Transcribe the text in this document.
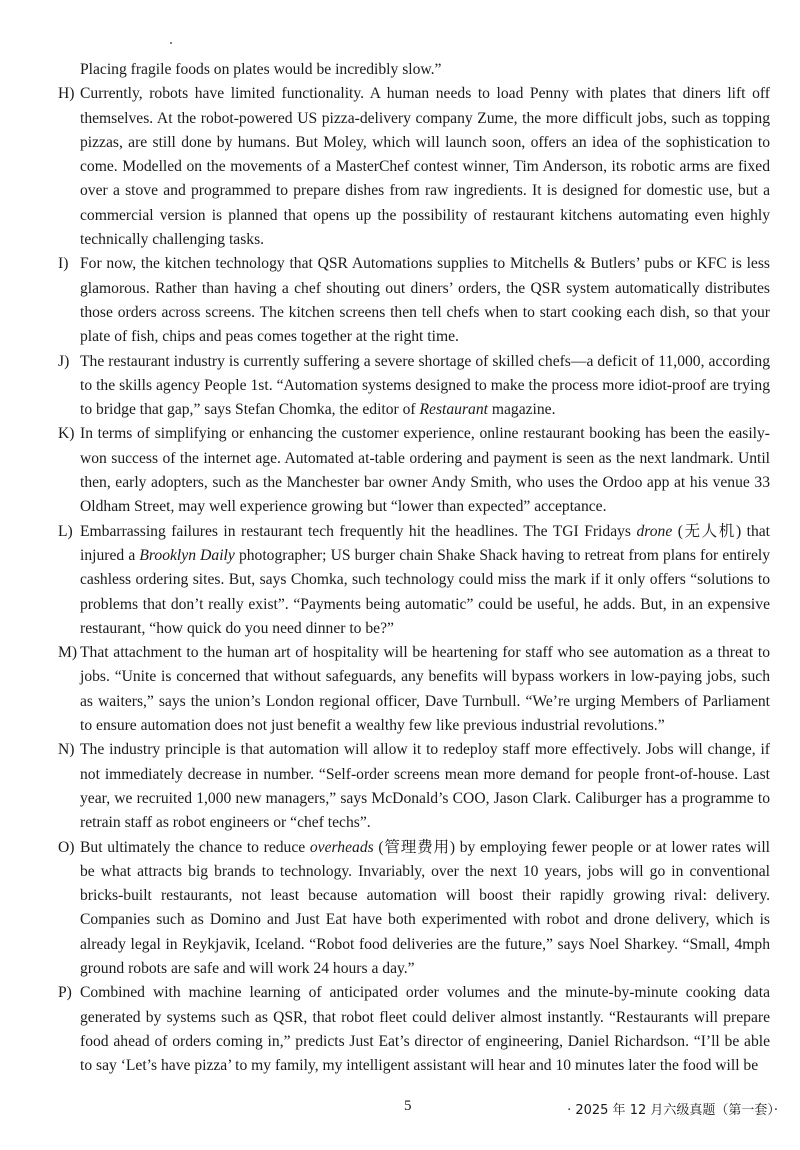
Placing fragile foods on plates would be incredibly slow.”

H) Currently, robots have limited functionality. A human needs to load Penny with plates that diners lift off themselves. At the robot-powered US pizza-delivery company Zume, the more difficult jobs, such as topping pizzas, are still done by humans. But Moley, which will launch soon, offers an idea of the sophistication to come. Modelled on the movements of a MasterChef contest winner, Tim Anderson, its robotic arms are fixed over a stove and programmed to prepare dishes from raw ingredients. It is designed for domestic use, but a commercial version is planned that opens up the possibility of restaurant kitchens automating even highly technically challenging tasks.

I) For now, the kitchen technology that QSR Automations supplies to Mitchells & Butlers’ pubs or KFC is less glamorous. Rather than having a chef shouting out diners’ orders, the QSR system automatically distributes those orders across screens. The kitchen screens then tell chefs when to start cooking each dish, so that your plate of fish, chips and peas comes together at the right time.

J) The restaurant industry is currently suffering a severe shortage of skilled chefs—a deficit of 11,000, according to the skills agency People 1st. “Automation systems designed to make the process more idiot-proof are trying to bridge that gap,” says Stefan Chomka, the editor of Restaurant magazine.

K) In terms of simplifying or enhancing the customer experience, online restaurant booking has been the easily-won success of the internet age. Automated at-table ordering and payment is seen as the next landmark. Until then, early adopters, such as the Manchester bar owner Andy Smith, who uses the Ordoo app at his venue 33 Oldham Street, may well experience growing but “lower than expected” acceptance.

L) Embarrassing failures in restaurant tech frequently hit the headlines. The TGI Fridays drone (无人机) that injured a Brooklyn Daily photographer; US burger chain Shake Shack having to retreat from plans for entirely cashless ordering sites. But, says Chomka, such technology could miss the mark if it only offers “solutions to problems that don’t really exist”. “Payments being automatic” could be useful, he adds. But, in an expensive restaurant, “how quick do you need dinner to be?”

M) That attachment to the human art of hospitality will be heartening for staff who see automation as a threat to jobs. “Unite is concerned that without safeguards, any benefits will bypass workers in low-paying jobs, such as waiters,” says the union’s London regional officer, Dave Turnbull. “We’re urging Members of Parliament to ensure automation does not just benefit a wealthy few like previous industrial revolutions.”

N) The industry principle is that automation will allow it to redeploy staff more effectively. Jobs will change, if not immediately decrease in number. “Self-order screens mean more demand for people front-of-house. Last year, we recruited 1,000 new managers,” says McDonald’s COO, Jason Clark. Caliburger has a programme to retrain staff as robot engineers or “chef techs”.

O) But ultimately the chance to reduce overheads (管理费用) by employing fewer people or at lower rates will be what attracts big brands to technology. Invariably, over the next 10 years, jobs will go in conventional bricks-built restaurants, not least because automation will boost their rapidly growing rival: delivery. Companies such as Domino and Just Eat have both experimented with robot and drone delivery, which is already legal in Reykjavik, Iceland. “Robot food deliveries are the future,” says Noel Sharkey. “Small, 4mph ground robots are safe and will work 24 hours a day.”

P) Combined with machine learning of anticipated order volumes and the minute-by-minute cooking data generated by systems such as QSR, that robot fleet could deliver almost instantly. “Restaurants will prepare food ahead of orders coming in,” predicts Just Eat’s director of engineering, Daniel Richardson. “I’ll be able to say ‘Let’s have pizza’ to my family, my intelligent assistant will hear and 10 minutes later the food will be

5	· 2025 年 12 月六级真题（第一套）·
